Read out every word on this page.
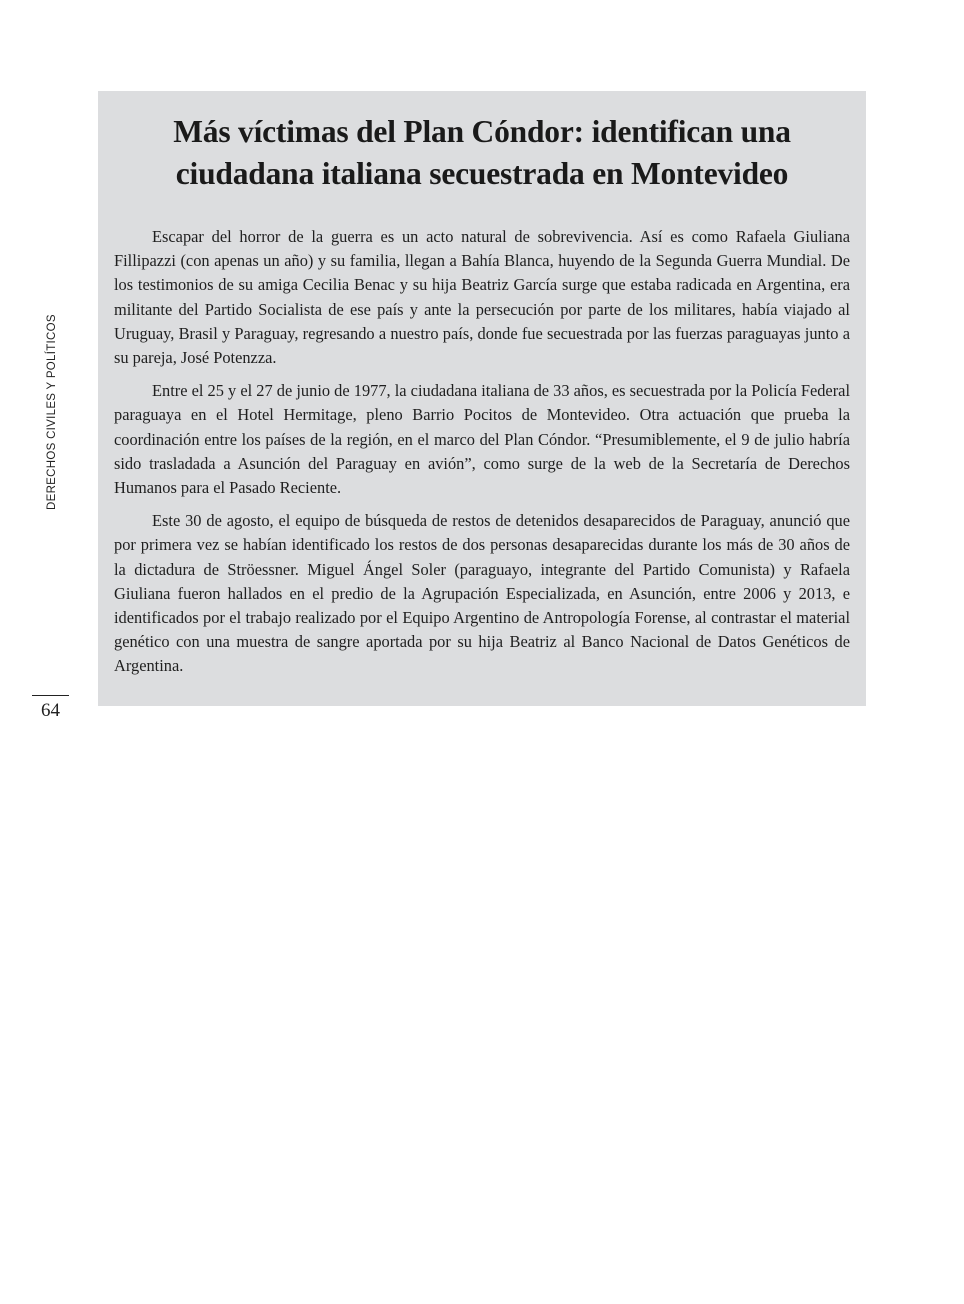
DERECHOS CIVILES Y POLÍTICOS
64
Más víctimas del Plan Cóndor: identifican una
ciudadana italiana secuestrada en Montevideo

Escapar del horror de la guerra es un acto natural de sobrevivencia. Así es como Rafaela Giuliana Fillipazzi (con apenas un año) y su familia, llegan a Bahía Blanca, huyendo de la Segunda Guerra Mundial. De los testimonios de su amiga Cecilia Benac y su hija Beatriz García surge que estaba radicada en Argentina, era militante del Partido Socialista de ese país y ante la persecución por parte de los militares, había viajado al Uruguay, Brasil y Paraguay, regresando a nuestro país, donde fue secuestrada por las fuerzas paraguayas junto a su pareja, José Potenzza.

Entre el 25 y el 27 de junio de 1977, la ciudadana italiana de 33 años, es secuestrada por la Policía Federal paraguaya en el Hotel Hermitage, pleno Barrio Pocitos de Montevideo. Otra actuación que prueba la coordinación entre los países de la región, en el marco del Plan Cóndor. “Presumiblemente, el 9 de julio habría sido trasladada a Asunción del Paraguay en avión”, como surge de la web de la Secretaría de Derechos Humanos para el Pasado Reciente.

Este 30 de agosto, el equipo de búsqueda de restos de detenidos desaparecidos de Paraguay, anunció que por primera vez se habían identificado los restos de dos personas desaparecidas durante los más de 30 años de la dictadura de Ströessner. Miguel Ángel Soler (paraguayo, integrante del Partido Comunista) y Rafaela Giuliana fueron hallados en el predio de la Agrupación Especializada, en Asunción, entre 2006 y 2013, e identificados por el trabajo realizado por el Equipo Argentino de Antropología Forense, al contrastar el material genético con una muestra de sangre aportada por su hija Beatriz al Banco Nacional de Datos Genéticos de Argentina.
